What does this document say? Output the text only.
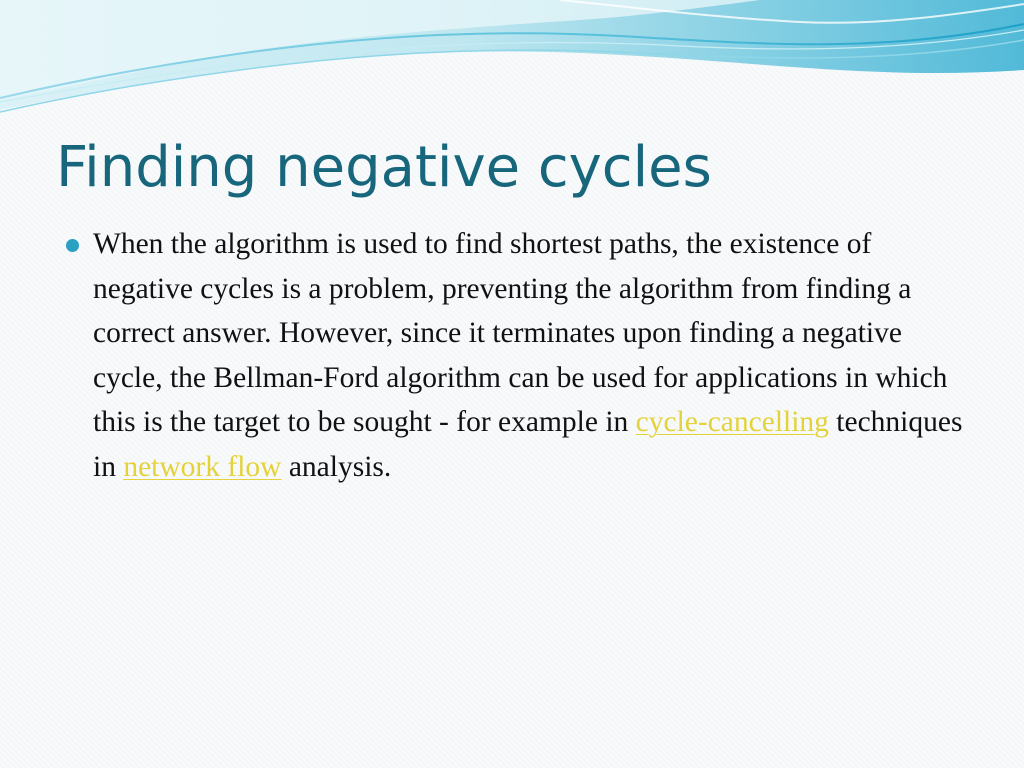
Finding negative cycles
When the algorithm is used to find shortest paths, the existence of negative cycles is a problem, preventing the algorithm from finding a correct answer. However, since it terminates upon finding a negative cycle, the Bellman-Ford algorithm can be used for applications in which this is the target to be sought - for example in cycle-cancelling techniques in network flow analysis.
